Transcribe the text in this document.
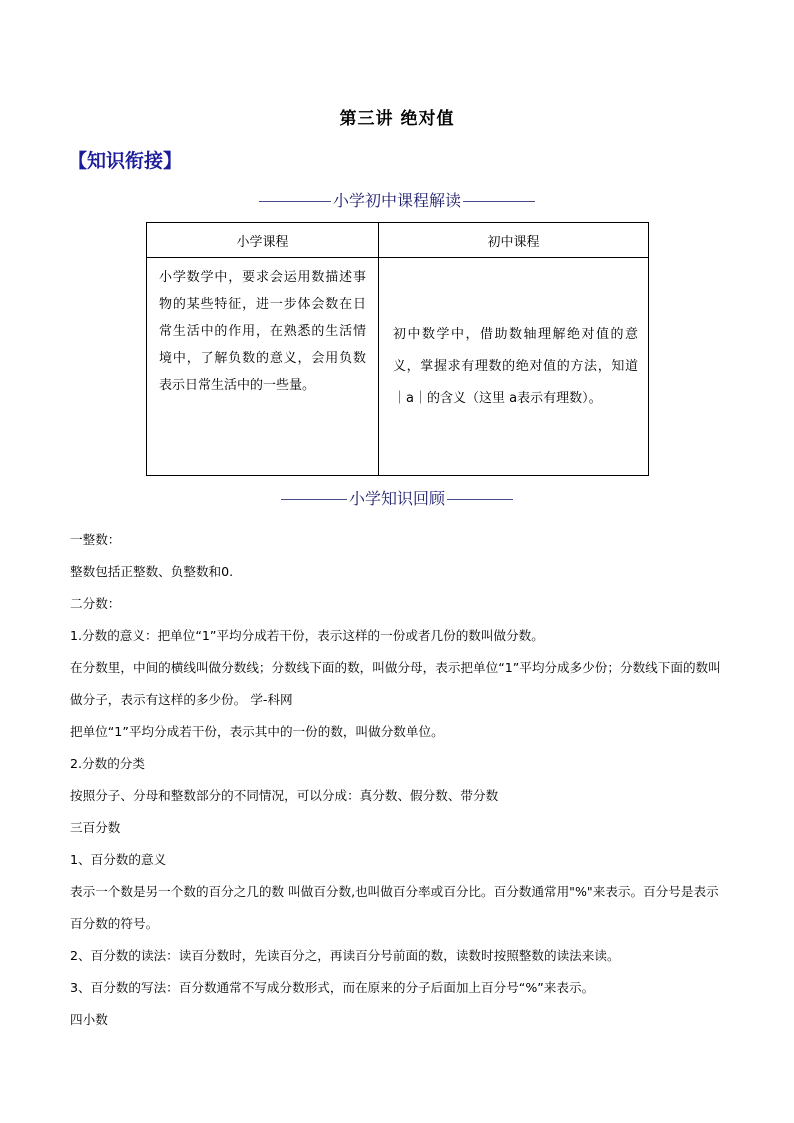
第三讲 绝对值
【知识衔接】
小学初中课程解读
小学课程	初中课程
小学数学中，要求会运用数描述事物的某些特征，进一步体会数在日常生活中的作用，在熟悉的生活情境中，了解负数的意义，会用负数表示日常生活中的一些量。	初中数学中，借助数轴理解绝对值的意义，掌握求有理数的绝对值的方法，知道｜a｜的含义（这里 a表示有理数）。
小学知识回顾

一整数：

整数包括正整数、负整数和0.

二分数：

1.分数的意义：把单位“1”平均分成若干份，表示这样的一份或者几份的数叫做分数。

在分数里，中间的横线叫做分数线；分数线下面的数，叫做分母，表示把单位“1”平均分成多少份；分数线下面的数叫做分子，表示有这样的多少份。 学-科网

把单位“1”平均分成若干份，表示其中的一份的数，叫做分数单位。

2.分数的分类

按照分子、分母和整数部分的不同情况，可以分成：真分数、假分数、带分数

三百分数

1、百分数的意义

表示一个数是另一个数的百分之几的数 叫做百分数,也叫做百分率或百分比。百分数通常用"%"来表示。百分号是表示百分数的符号。

2、百分数的读法：读百分数时，先读百分之，再读百分号前面的数，读数时按照整数的读法来读。

3、百分数的写法：百分数通常不写成分数形式，而在原来的分子后面加上百分号“%”来表示。

四小数
